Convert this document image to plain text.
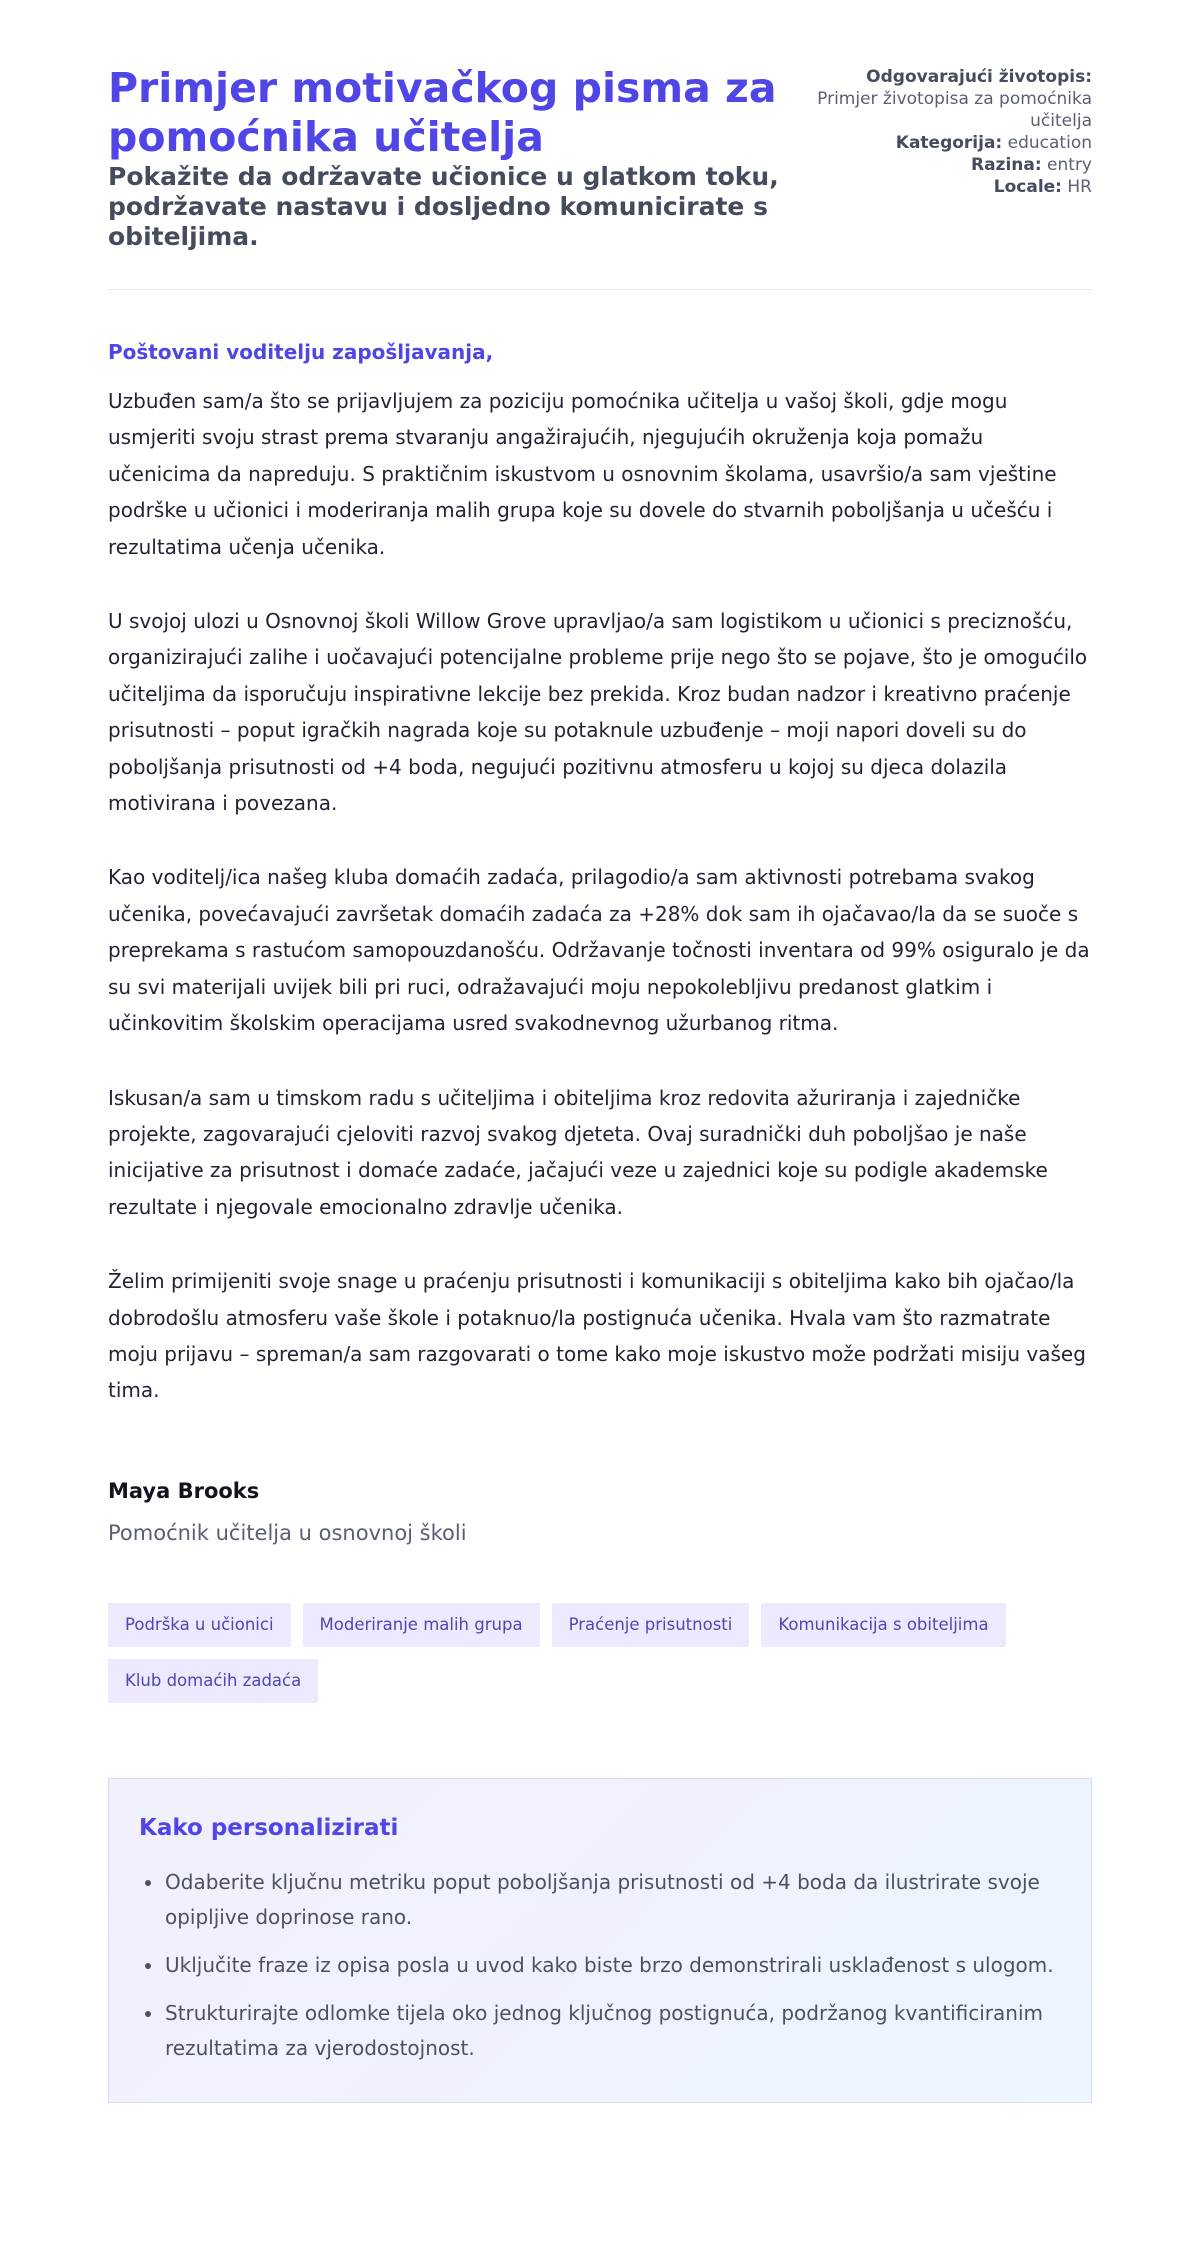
Primjer motivačkog pisma za pomoćnika učitelja
Pokažite da održavate učionice u glatkom toku, podržavate nastavu i dosljedno komunicirate s obiteljima.

Odgovarajući životopis: Primjer životopisa za pomoćnika učitelja

Kategorija: education

Razina: entry

Locale: HR

Poštovani voditelju zapošljavanja,

Uzbuđen sam/a što se prijavljujem za poziciju pomoćnika učitelja u vašoj školi, gdje mogu usmjeriti svoju strast prema stvaranju angažirajućih, njegujućih okruženja koja pomažu učenicima da napreduju. S praktičnim iskustvom u osnovnim školama, usavršio/a sam vještine podrške u učionici i moderiranja malih grupa koje su dovele do stvarnih poboljšanja u učešću i rezultatima učenja učenika.

U svojoj ulozi u Osnovnoj školi Willow Grove upravljao/a sam logistikom u učionici s preciznošću, organizirajući zalihe i uočavajući potencijalne probleme prije nego što se pojave, što je omogućilo učiteljima da isporučuju inspirativne lekcije bez prekida. Kroz budan nadzor i kreativno praćenje prisutnosti – poput igračkih nagrada koje su potaknule uzbuđenje – moji napori doveli su do poboljšanja prisutnosti od +4 boda, negujući pozitivnu atmosferu u kojoj su djeca dolazila motivirana i povezana.

Kao voditelj/ica našeg kluba domaćih zadaća, prilagodio/a sam aktivnosti potrebama svakog učenika, povećavajući završetak domaćih zadaća za +28% dok sam ih ojačavao/la da se suoče s preprekama s rastućom samopouzdanošću. Održavanje točnosti inventara od 99% osiguralo je da su svi materijali uvijek bili pri ruci, odražavajući moju nepokolebljivu predanost glatkim i učinkovitim školskim operacijama usred svakodnevnog užurbanog ritma.

Iskusan/a sam u timskom radu s učiteljima i obiteljima kroz redovita ažuriranja i zajedničke projekte, zagovarajući cjeloviti razvoj svakog djeteta. Ovaj suradnički duh poboljšao je naše inicijative za prisutnost i domaće zadaće, jačajući veze u zajednici koje su podigle akademske rezultate i njegovale emocionalno zdravlje učenika.

Želim primijeniti svoje snage u praćenju prisutnosti i komunikaciji s obiteljima kako bih ojačao/la dobrodošlu atmosferu vaše škole i potaknuo/la postignuća učenika. Hvala vam što razmatrate moju prijavu – spreman/a sam razgovarati o tome kako moje iskustvo može podržati misiju vašeg tima.

Maya Brooks

Pomoćnik učitelja u osnovnoj školi

Podrška u učionici	Moderiranje malih grupa	Praćenje prisutnosti	Komunikacija s obiteljima
Klub domaćih zadaća
Kako personalizirati
• Odaberite ključnu metriku poput poboljšanja prisutnosti od +4 boda da ilustrirate svoje opipljive doprinose rano.
• Uključite fraze iz opisa posla u uvod kako biste brzo demonstrirali usklađenost s ulogom.
• Strukturirajte odlomke tijela oko jednog ključnog postignuća, podržanog kvantificiranim rezultatima za vjerodostojnost.
